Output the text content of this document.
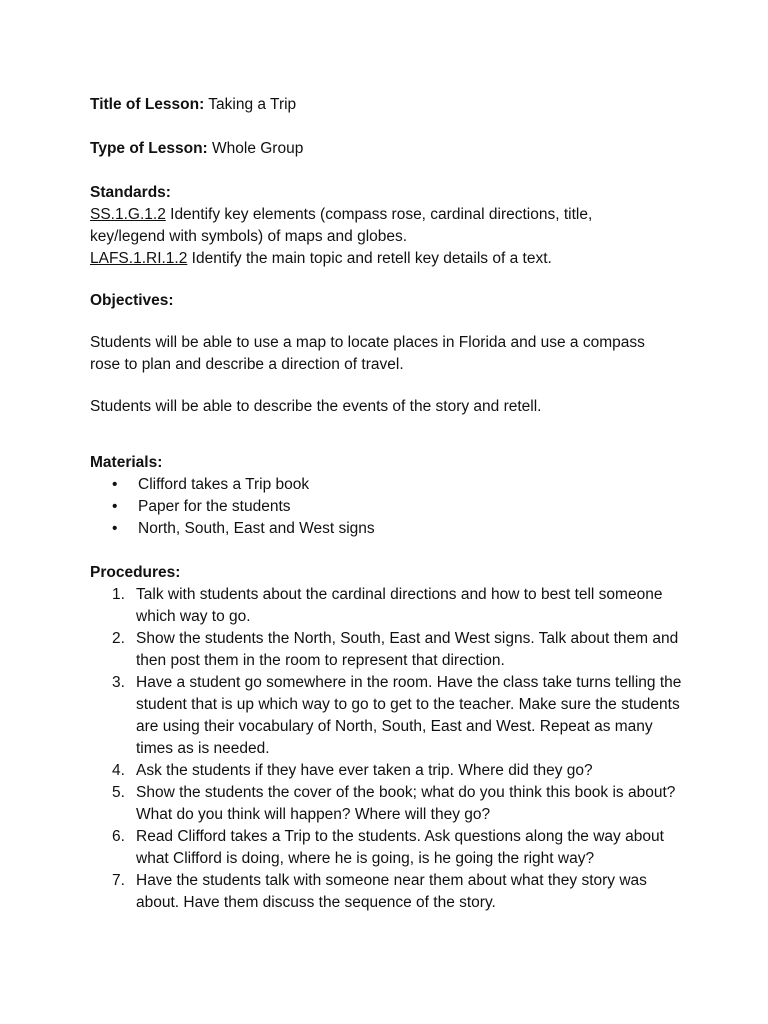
Title of Lesson: Taking a Trip

Type of Lesson: Whole Group

Standards:

SS.1.G.1.2 Identify key elements (compass rose, cardinal directions, title,

key/legend with symbols) of maps and globes.

LAFS.1.RI.1.2 Identify the main topic and retell key details of a text.

Objectives:

Students will be able to use a map to locate places in Florida and use a compass

rose to plan and describe a direction of travel.

Students will be able to describe the events of the story and retell.

Materials:

•	Clifford takes a Trip book
•	Paper for the students
•	North, South, East and West signs

Procedures:

1. Talk with students about the cardinal directions and how to best tell someone which way to go.
2. Show the students the North, South, East and West signs. Talk about them and then post them in the room to represent that direction.
3. Have a student go somewhere in the room. Have the class take turns telling the student that is up which way to go to get to the teacher. Make sure the students are using their vocabulary of North, South, East and West. Repeat as many times as is needed.
4. Ask the students if they have ever taken a trip. Where did they go?
5. Show the students the cover of the book; what do you think this book is about? What do you think will happen? Where will they go?
6. Read Clifford takes a Trip to the students. Ask questions along the way about what Clifford is doing, where he is going, is he going the right way?
7. Have the students talk with someone near them about what they story was about. Have them discuss the sequence of the story.
